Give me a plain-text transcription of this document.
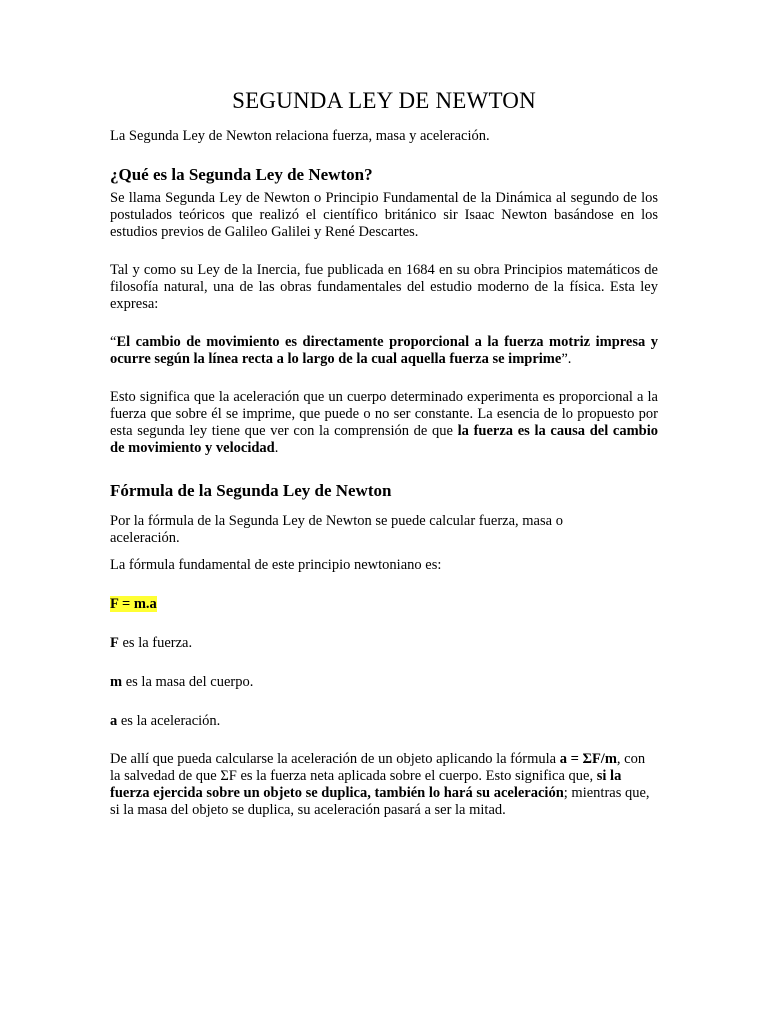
SEGUNDA LEY DE NEWTON

La Segunda Ley de Newton relaciona fuerza, masa y aceleración.

¿Qué es la Segunda Ley de Newton?

Se llama Segunda Ley de Newton o Principio Fundamental de la Dinámica al segundo de los postulados teóricos que realizó el científico británico sir Isaac Newton basándose en los estudios previos de Galileo Galilei y René Descartes.

Tal y como su Ley de la Inercia, fue publicada en 1684 en su obra Principios matemáticos de filosofía natural, una de las obras fundamentales del estudio moderno de la física. Esta ley expresa:

“El cambio de movimiento es directamente proporcional a la fuerza motriz impresa y ocurre según la línea recta a lo largo de la cual aquella fuerza se imprime”.

Esto significa que la aceleración que un cuerpo determinado experimenta es proporcional a la fuerza que sobre él se imprime, que puede o no ser constante. La esencia de lo propuesto por esta segunda ley tiene que ver con la comprensión de que la fuerza es la causa del cambio de movimiento y velocidad.

Fórmula de la Segunda Ley de Newton

Por la fórmula de la Segunda Ley de Newton se puede calcular fuerza, masa o aceleración.

La fórmula fundamental de este principio newtoniano es:

F = m.a

F es la fuerza.

m es la masa del cuerpo.

a es la aceleración.

De allí que pueda calcularse la aceleración de un objeto aplicando la fórmula a = ΣF/m, con la salvedad de que ΣF es la fuerza neta aplicada sobre el cuerpo. Esto significa que, si la fuerza ejercida sobre un objeto se duplica, también lo hará su aceleración; mientras que, si la masa del objeto se duplica, su aceleración pasará a ser la mitad.
